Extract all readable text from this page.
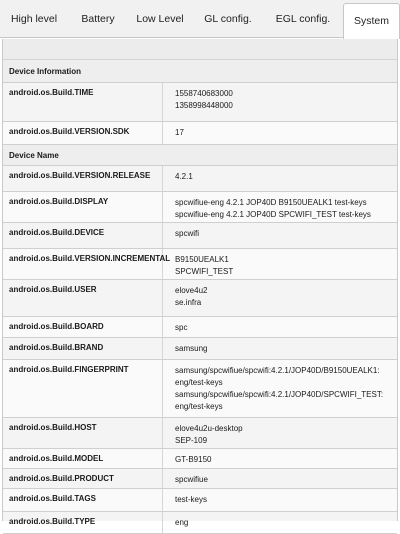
High level	Battery	Low Level	GL config.	EGL config.	System
Device Information
android.os.Build.TIME	1558740683000
1358998448000
android.os.Build.VERSION.SDK	17
Device Name
android.os.Build.VERSION.RELEASE	4.2.1
android.os.Build.DISPLAY	spcwifiue-eng 4.2.1 JOP40D B9150UEALK1 test-keys
spcwifiue-eng 4.2.1 JOP40D SPCWIFI_TEST test-keys
android.os.Build.DEVICE	spcwifi
android.os.Build.VERSION.INCREMENTAL B9150UEALK1
SPCWIFI_TEST
android.os.Build.USER	elove4u2
se.infra
android.os.Build.BOARD	spc
android.os.Build.BRAND	samsung
android.os.Build.FINGERPRINT	samsung/spcwifiue/spcwifi:4.2.1/JOP40D/B9150UEALK1:
eng/test-keys
samsung/spcwifiue/spcwifi:4.2.1/JOP40D/SPCWIFI_TEST:
eng/test-keys
android.os.Build.HOST	elove4u2u-desktop
SEP-109
android.os.Build.MODEL	GT-B9150
android.os.Build.PRODUCT	spcwifiue
android.os.Build.TAGS	test-keys
android.os.Build.TYPE	eng
